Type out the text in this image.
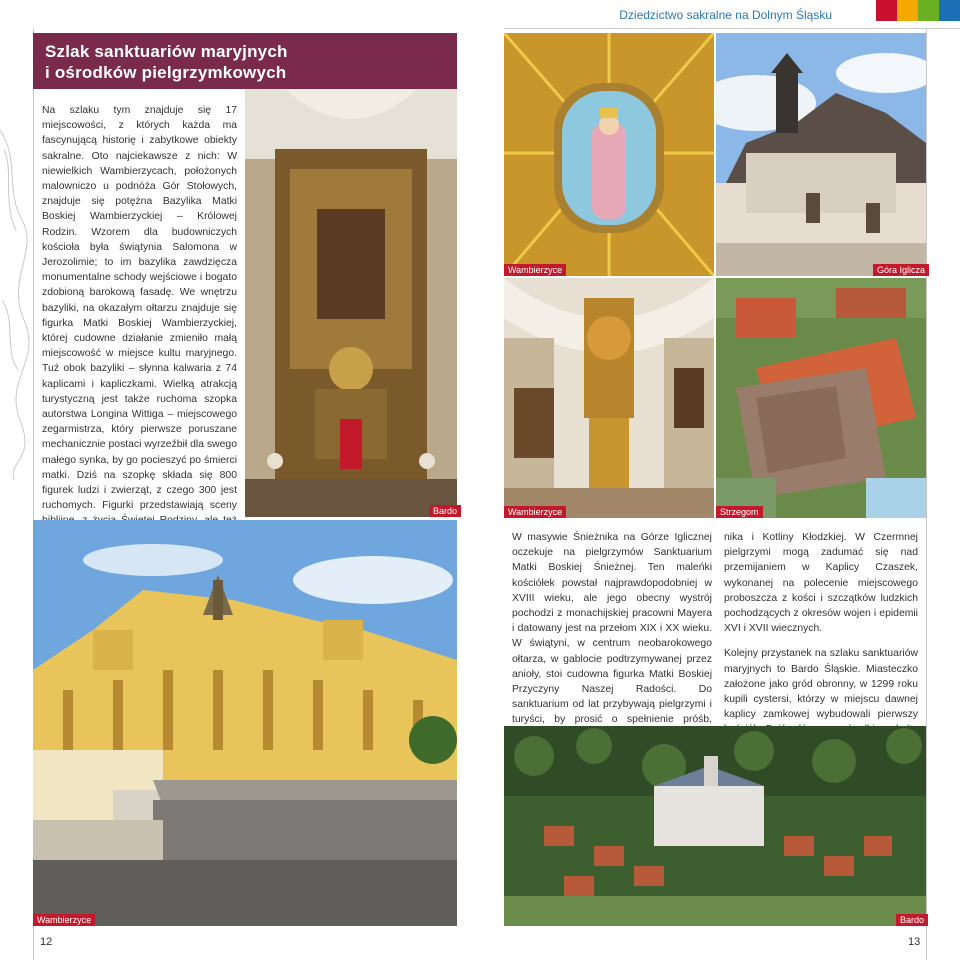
Dziedzictwo sakralne na Dolnym Śląsku
Szlak sanktuariów maryjnych
i ośrodków pielgrzymkowych

Na szlaku tym znajduje się 17 miejscowości, z których każda ma fascynującą historię i zabytkowe obiekty sakralne. Oto najciekawsze z nich: W niewielkich Wambierzycach, położonych malowniczo u podnóża Gór Stołowych, znajduje się potężna Bazylika Matki Boskiej Wambierzyckiej – Królowej Rodzin. Wzorem dla budowniczych kościoła była świątynia Salomona w Jerozolimie; to im bazylika zawdzięcza monumentalne schody wejściowe i bogato zdobioną barokową fasadę. We wnętrzu bazyliki, na okazałym ołtarzu znajduje się figurka Matki Boskiej Wambierzyckiej, której cudowne działanie zmieniło małą miejscowość w miejsce kultu maryjnego. Tuż obok bazyliki – słynna kalwaria z 74 kaplicami i kapliczkami. Wielką atrakcją turystyczną jest także ruchoma szopka autorstwa Longina Wittiga – miejscowego zegarmistrza, który pierwsze poruszane mechanicznie postaci wyrzeźbił dla swego małego synka, by go pocieszyć po śmierci matki. Dziś na szopkę składa się 800 figurek ludzi i zwierząt, z czego 300 jest ruchomych. Figurki przedstawiają sceny	Bardo
Wambierzyce
12
Wambierzyce	Góra Iglicza
Wambierzyce	Strzegom

W masywie Śnieżnika na Górze Iglicznej oczekuje na pielgrzymów Sanktuarium Matki Boskiej Śnieżnej. Ten maleńki kościółek powstał najprawdopodobniej w XVIII wieku, ale jego obecny wystrój pochodzi z monachijskiej pracowni Mayera i datowany jest na przełom XIX i XX wieku. W świątyni, w centrum neobarokowego ołtarza, w gablocie podtrzymywanej przez anioły, stoi cudowna figurka Matki Boskiej Przyczyny Naszej Radości. Do sanktuarium od lat przybywają pielgrzymi i turyści, by prosić o spełnienie próśb,

nika i Kotliny Kłodzkiej. W Czermnej pielgrzymi mogą zadumać się nad przemijaniem w Kaplicy Czaszek, wykonanej na polecenie miejscowego proboszcza z kości i szczątków ludzkich pochodzących z okresów wojen i epidemii XVI i XVII wiecznych.

Kolejny przystanek na szlaku sanktuariów maryjnych to Bardo Śląskie. Miasteczko założone jako gród obronny, w 1299 roku kupili cystersi, którzy w miejscu dawnej kaplicy zamkowej wybudowali pierwszy

Bardo
13
